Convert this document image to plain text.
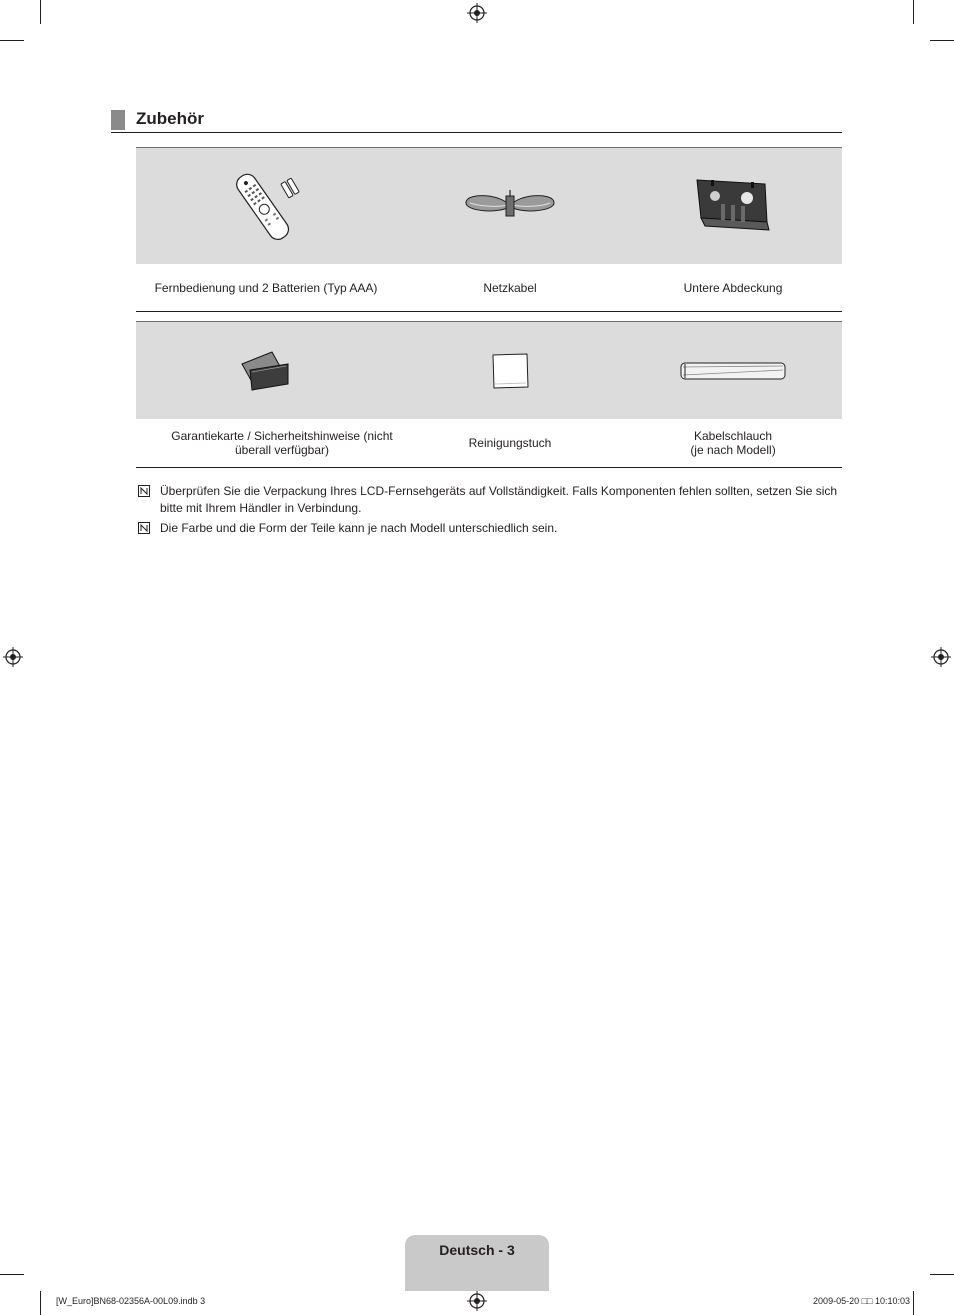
Zubehör
Fernbedienung und 2 Batterien (Typ AAA)	Netzkabel	Untere Abdeckung
Garantiekarte / Sicherheitshinweise (nicht überall verfügbar)	Reinigungstuch	Kabelschlauch
(je nach Modell)
Überprüfen Sie die Verpackung Ihres LCD-Fernsehgeräts auf Vollständigkeit. Falls Komponenten fehlen sollten, setzen Sie sich bitte mit Ihrem Händler in Verbindung.
Die Farbe und die Form der Teile kann je nach Modell unterschiedlich sein.
Deutsch - 3
[W_Euro]BN68-02356A-00L09.indb 3	2009-05-20 □□ 10:10:03
